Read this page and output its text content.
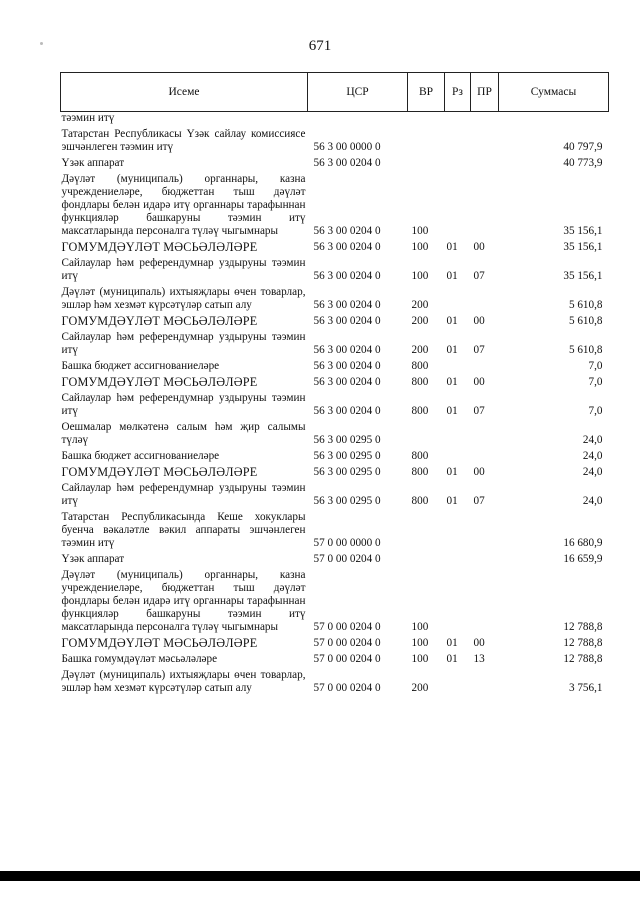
671
Исеме	ЦСР	ВР	Рз	ПР	Суммасы
тәэмин итү					
Татарстан Республикасы Үзәк сайлау комиссиясе эшчәнлеген тәэмин итү	56 3 00 0000 0				40 797,9
Үзәк аппарат	56 3 00 0204 0				40 773,9
Дәүләт (муниципаль) органнары, казна учреждениеләре, бюджеттан тыш дәүләт фондлары белән идарә итү органнары тарафыннан функцияләр башкаруны тәэмин итү максатларында персоналга түләү чыгымнары	56 3 00 0204 0	100			35 156,1
ГОМУМДӘҮЛӘТ МӘСЬӘЛӘЛӘРЕ	56 3 00 0204 0	100	01	00	35 156,1
Сайлаулар һәм референдумнар уздыруны тәэмин итү	56 3 00 0204 0	100	01	07	35 156,1
Дәүләт (муниципаль) ихтыяҗлары өчен товарлар, эшләр һәм хезмәт күрсәтүләр сатып алу	56 3 00 0204 0	200			5 610,8
ГОМУМДӘҮЛӘТ МӘСЬӘЛӘЛӘРЕ	56 3 00 0204 0	200	01	00	5 610,8
Сайлаулар һәм референдумнар уздыруны тәэмин итү	56 3 00 0204 0	200	01	07	5 610,8
Башка бюджет ассигнованиеләре	56 3 00 0204 0	800			7,0
ГОМУМДӘҮЛӘТ МӘСЬӘЛӘЛӘРЕ	56 3 00 0204 0	800	01	00	7,0
Сайлаулар һәм референдумнар уздыруны тәэмин итү	56 3 00 0204 0	800	01	07	7,0
Оешмалар мөлкәтенә салым һәм җир салымы түләү	56 3 00 0295 0				24,0
Башка бюджет ассигнованиеләре	56 3 00 0295 0	800			24,0
ГОМУМДӘҮЛӘТ МӘСЬӘЛӘЛӘРЕ	56 3 00 0295 0	800	01	00	24,0
Сайлаулар һәм референдумнар уздыруны тәэмин итү	56 3 00 0295 0	800	01	07	24,0
Татарстан Республикасында Кеше хокуклары буенча вәкаләтле вәкил аппараты эшчәнлеген тәэмин итү	57 0 00 0000 0				16 680,9
Үзәк аппарат	57 0 00 0204 0				16 659,9
Дәүләт (муниципаль) органнары, казна учреждениеләре, бюджеттан тыш дәүләт фондлары белән идарә итү органнары тарафыннан функцияләр башкаруны тәэмин итү максатларында персоналга түләү чыгымнары	57 0 00 0204 0	100			12 788,8
ГОМУМДӘҮЛӘТ МӘСЬӘЛӘЛӘРЕ	57 0 00 0204 0	100	01	00	12 788,8
Башка гомумдәүләт мәсьәләләре	57 0 00 0204 0	100	01	13	12 788,8
Дәүләт (муниципаль) ихтыяҗлары өчен товарлар, эшләр һәм хезмәт күрсәтүләр сатып алу	57 0 00 0204 0	200			3 756,1
